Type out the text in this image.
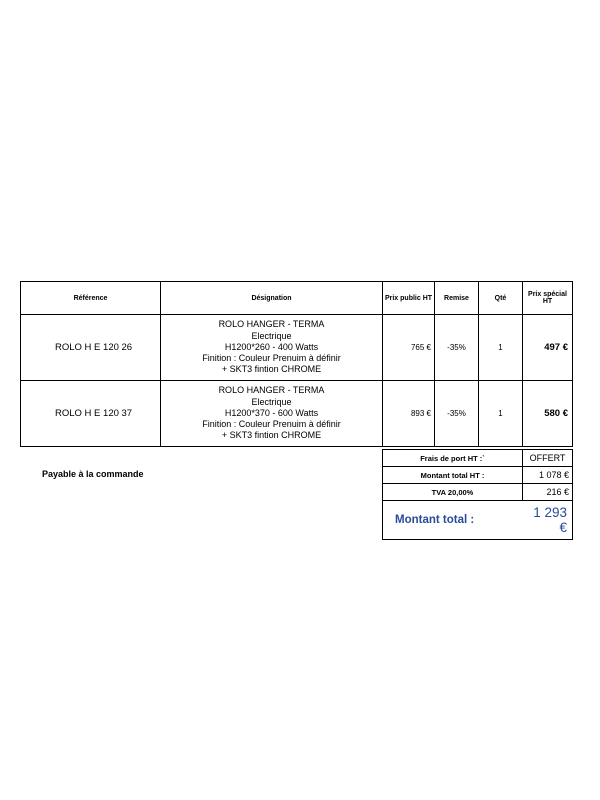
Référence	Désignation	Prix public HT	Remise	Qté	Prix spécial HT
ROLO H E 120 26	ROLO HANGER - TERMA
Electrique
H1200*260 - 400 Watts
Finition : Couleur Prenuim à définir
+ SKT3 fintion CHROME	765 €	-35%	1	497 €
ROLO H E 120 37	ROLO HANGER - TERMA
Electrique
H1200*370 - 600 Watts
Finition : Couleur Prenuim à définir
+ SKT3 fintion CHROME	893 €	-35%	1	580 €
Payable à la commande
Frais de port HT :`	OFFERT
Montant total HT :	1 078 €
TVA 20,00%	216 €
Montant total :	1 293 €
